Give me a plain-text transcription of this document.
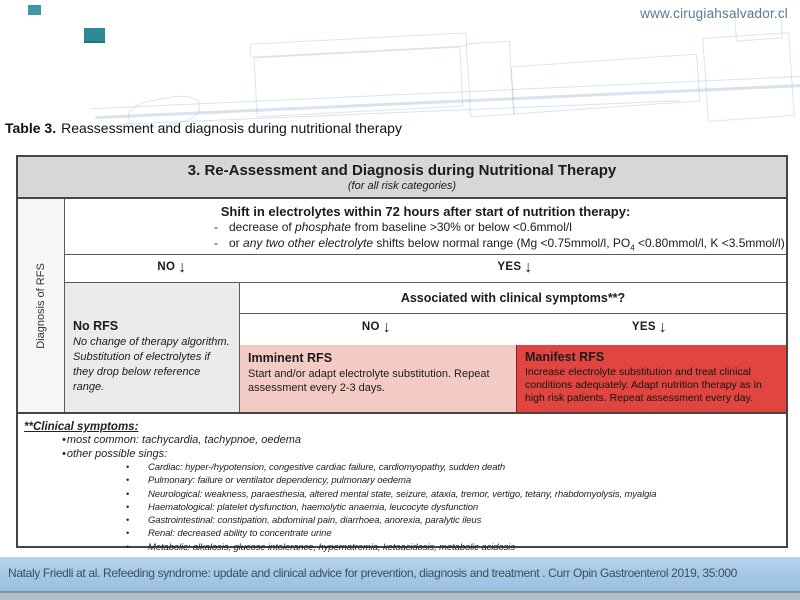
www.cirugiahsalvador.cl
Table 3. Reassessment and diagnosis during nutritional therapy
3. Re-Assessment and Diagnosis during Nutritional Therapy
(for all risk categories)
Diagnosis of RFS
Shift in electrolytes within 72 hours after start of nutrition therapy:
- decrease of phosphate from baseline >30% or below <0.6mmol/l
- or any two other electrolyte shifts below normal range (Mg <0.75mmol/l, $PO_4$ <0.80mmol/l, K <3.5mmol/l)
NO ↓	YES ↓
No RFS
No change of therapy algorithm. Substitution of electrolytes if they drop below reference range.
Associated with clinical symptoms**?
NO ↓	YES ↓
Imminent RFS
Start and/or adapt electrolyte substitution. Repeat assessment every 2-3 days.
Manifest RFS
Increase electrolyte substitution and treat clinical conditions adequately. Adapt nutrition therapy as in high risk patients. Repeat assessment every day.
**Clinical symptoms:
•most common: tachycardia, tachypnoe, oedema
•other possible sings:
• Cardiac: hyper-/hypotension, congestive cardiac failure, cardiomyopathy, sudden death
• Pulmonary: failure or ventilator dependency, pulmonary oedema
• Neurological: weakness, paraesthesia, altered mental state, seizure, ataxia, tremor, vertigo, tetany, rhabdomyolysis, myalgia
• Haematological: platelet dysfunction, haemolytic anaemia, leucocyte dysfunction
• Gastrointestinal: constipation, abdominal pain, diarrhoea, anorexia, paralytic ileus
• Renal: decreased ability to concentrate urine
• Metabolic: alkalosis, glucose intolerance, hypernatremia, ketoacidosis, metabolic acidosis
Nataly Friedli at al. Refeeding syndrome: update and clinical advice for prevention, diagnosis and treatment . Curr Opin Gastroenterol 2019, 35:000
